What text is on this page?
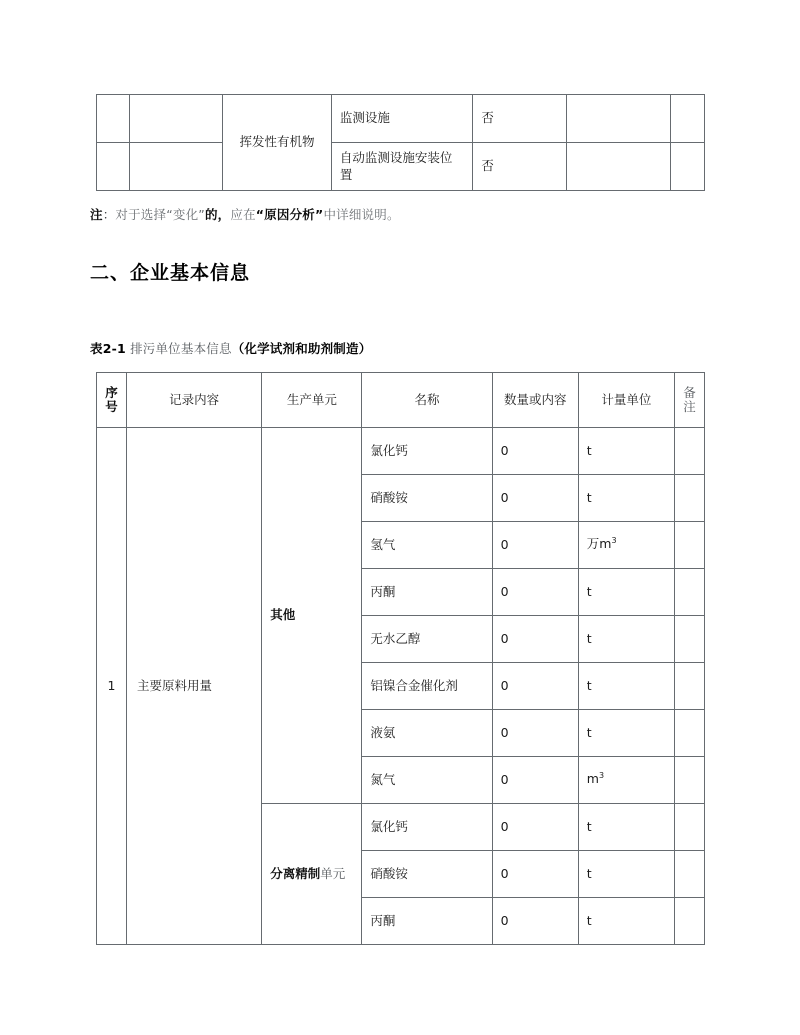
		挥发性有机物	监测设施	否		
			自动监测设施安装位置	否		
注：对于选择“变化”的，应在“原因分析”中详细说明。
二、企业基本信息
表2-1 排污单位基本信息（化学试剂和助剂制造）
序
号	记录内容	生产单元	名称	数量或内容	计量单位	备
注

1	主要原料用量	其他	氯化钙	0	t	
			硝酸铵	0	t	
			氢气	0	万$m^3$	
			丙酮	0	t	
			无水乙醇	0	t	
			铝镍合金催化剂	0	t	
			液氨	0	t	
			氮气	0	$m^3$	
		分离精制单元	氯化钙	0	t	
			硝酸铵	0	t	
			丙酮	0	t	
